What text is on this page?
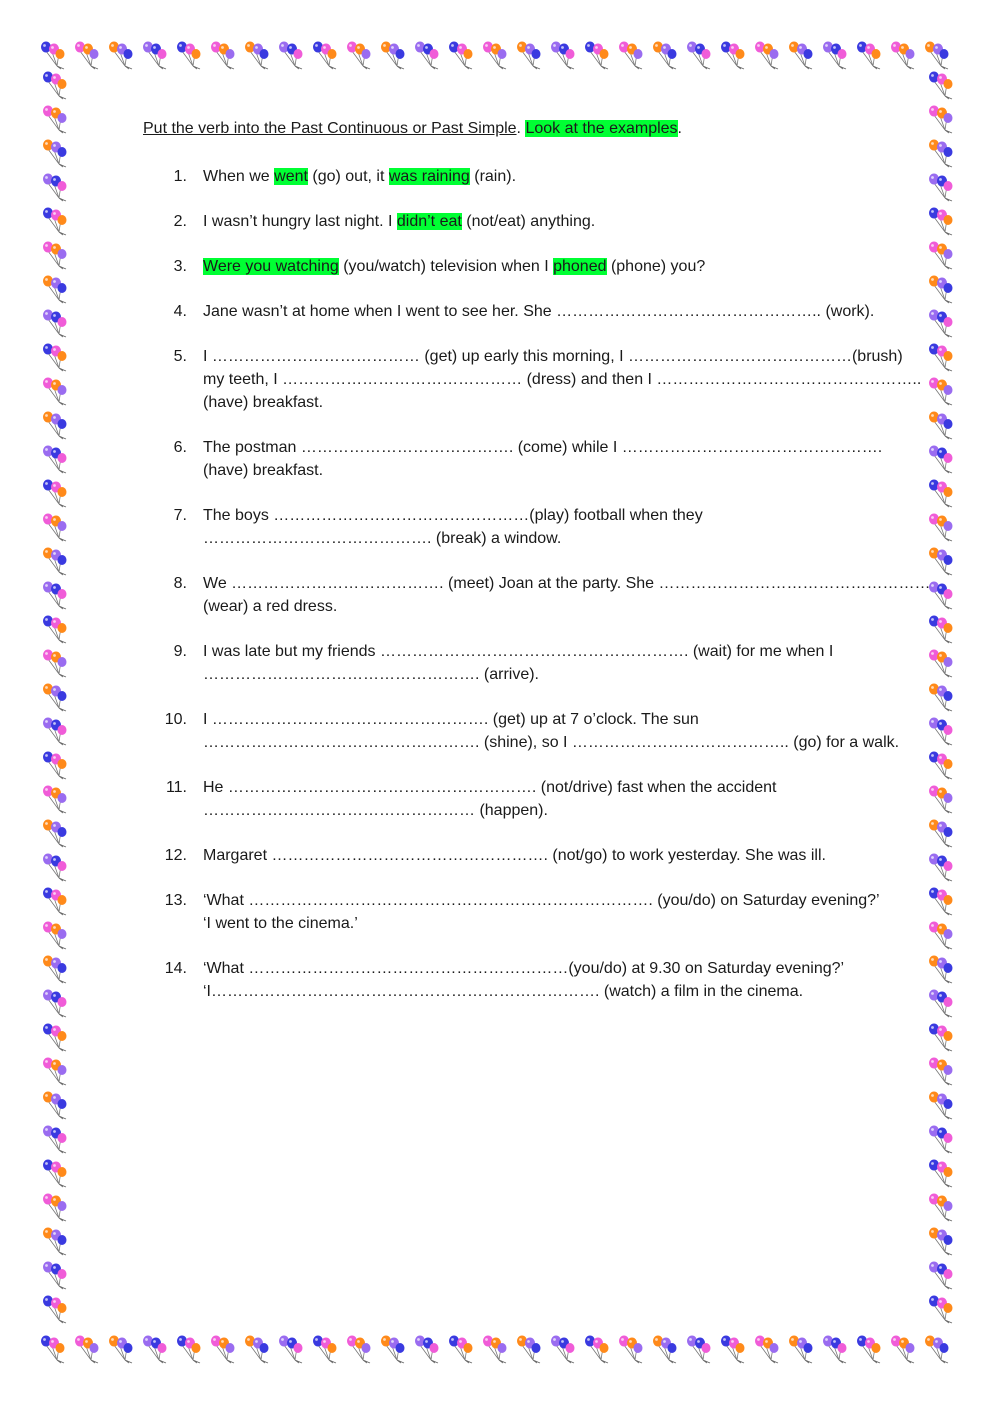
Put the verb into the Past Continuous or Past Simple. Look at the examples.

1. When we went (go) out, it was raining (rain).
2. I wasn’t hungry last night. I didn’t eat (not/eat) anything.
3. Were you watching (you/watch) television when I phoned (phone) you?
4. Jane wasn’t at home when I went to see her. She ………………………………………….. (work).
5. I ………………………………… (get) up early this morning, I ……………………………………(brush)
my teeth, I ……………………………………… (dress) and then I …………………………………………..
(have) breakfast.
6. The postman …………………………………. (come) while I ………………………………………….
(have) breakfast.
7. The boys …………………………………………(play) football when they
……………………………………. (break) a window.
8. We …………………………………. (meet) Joan at the party. She ……………………………………………
(wear) a red dress.
9. I was late but my friends …………………………………………………. (wait) for me when I
……………………………………………. (arrive).
10. I ……………………………………………. (get) up at 7 o’clock. The sun
……………………………………………. (shine), so I ………………………………….. (go) for a walk.
11. He …………………………………………………. (not/drive) fast when the accident
…………………………………………… (happen).
12. Margaret ……………………………………………. (not/go) to work yesterday. She was ill.
13. ‘What …………………………………………………………………. (you/do) on Saturday evening?’
‘I went to the cinema.’
14. ‘What ……………………………………………………(you/do) at 9.30 on Saturday evening?’
‘I………………………………………………………………. (watch) a film in the cinema.
